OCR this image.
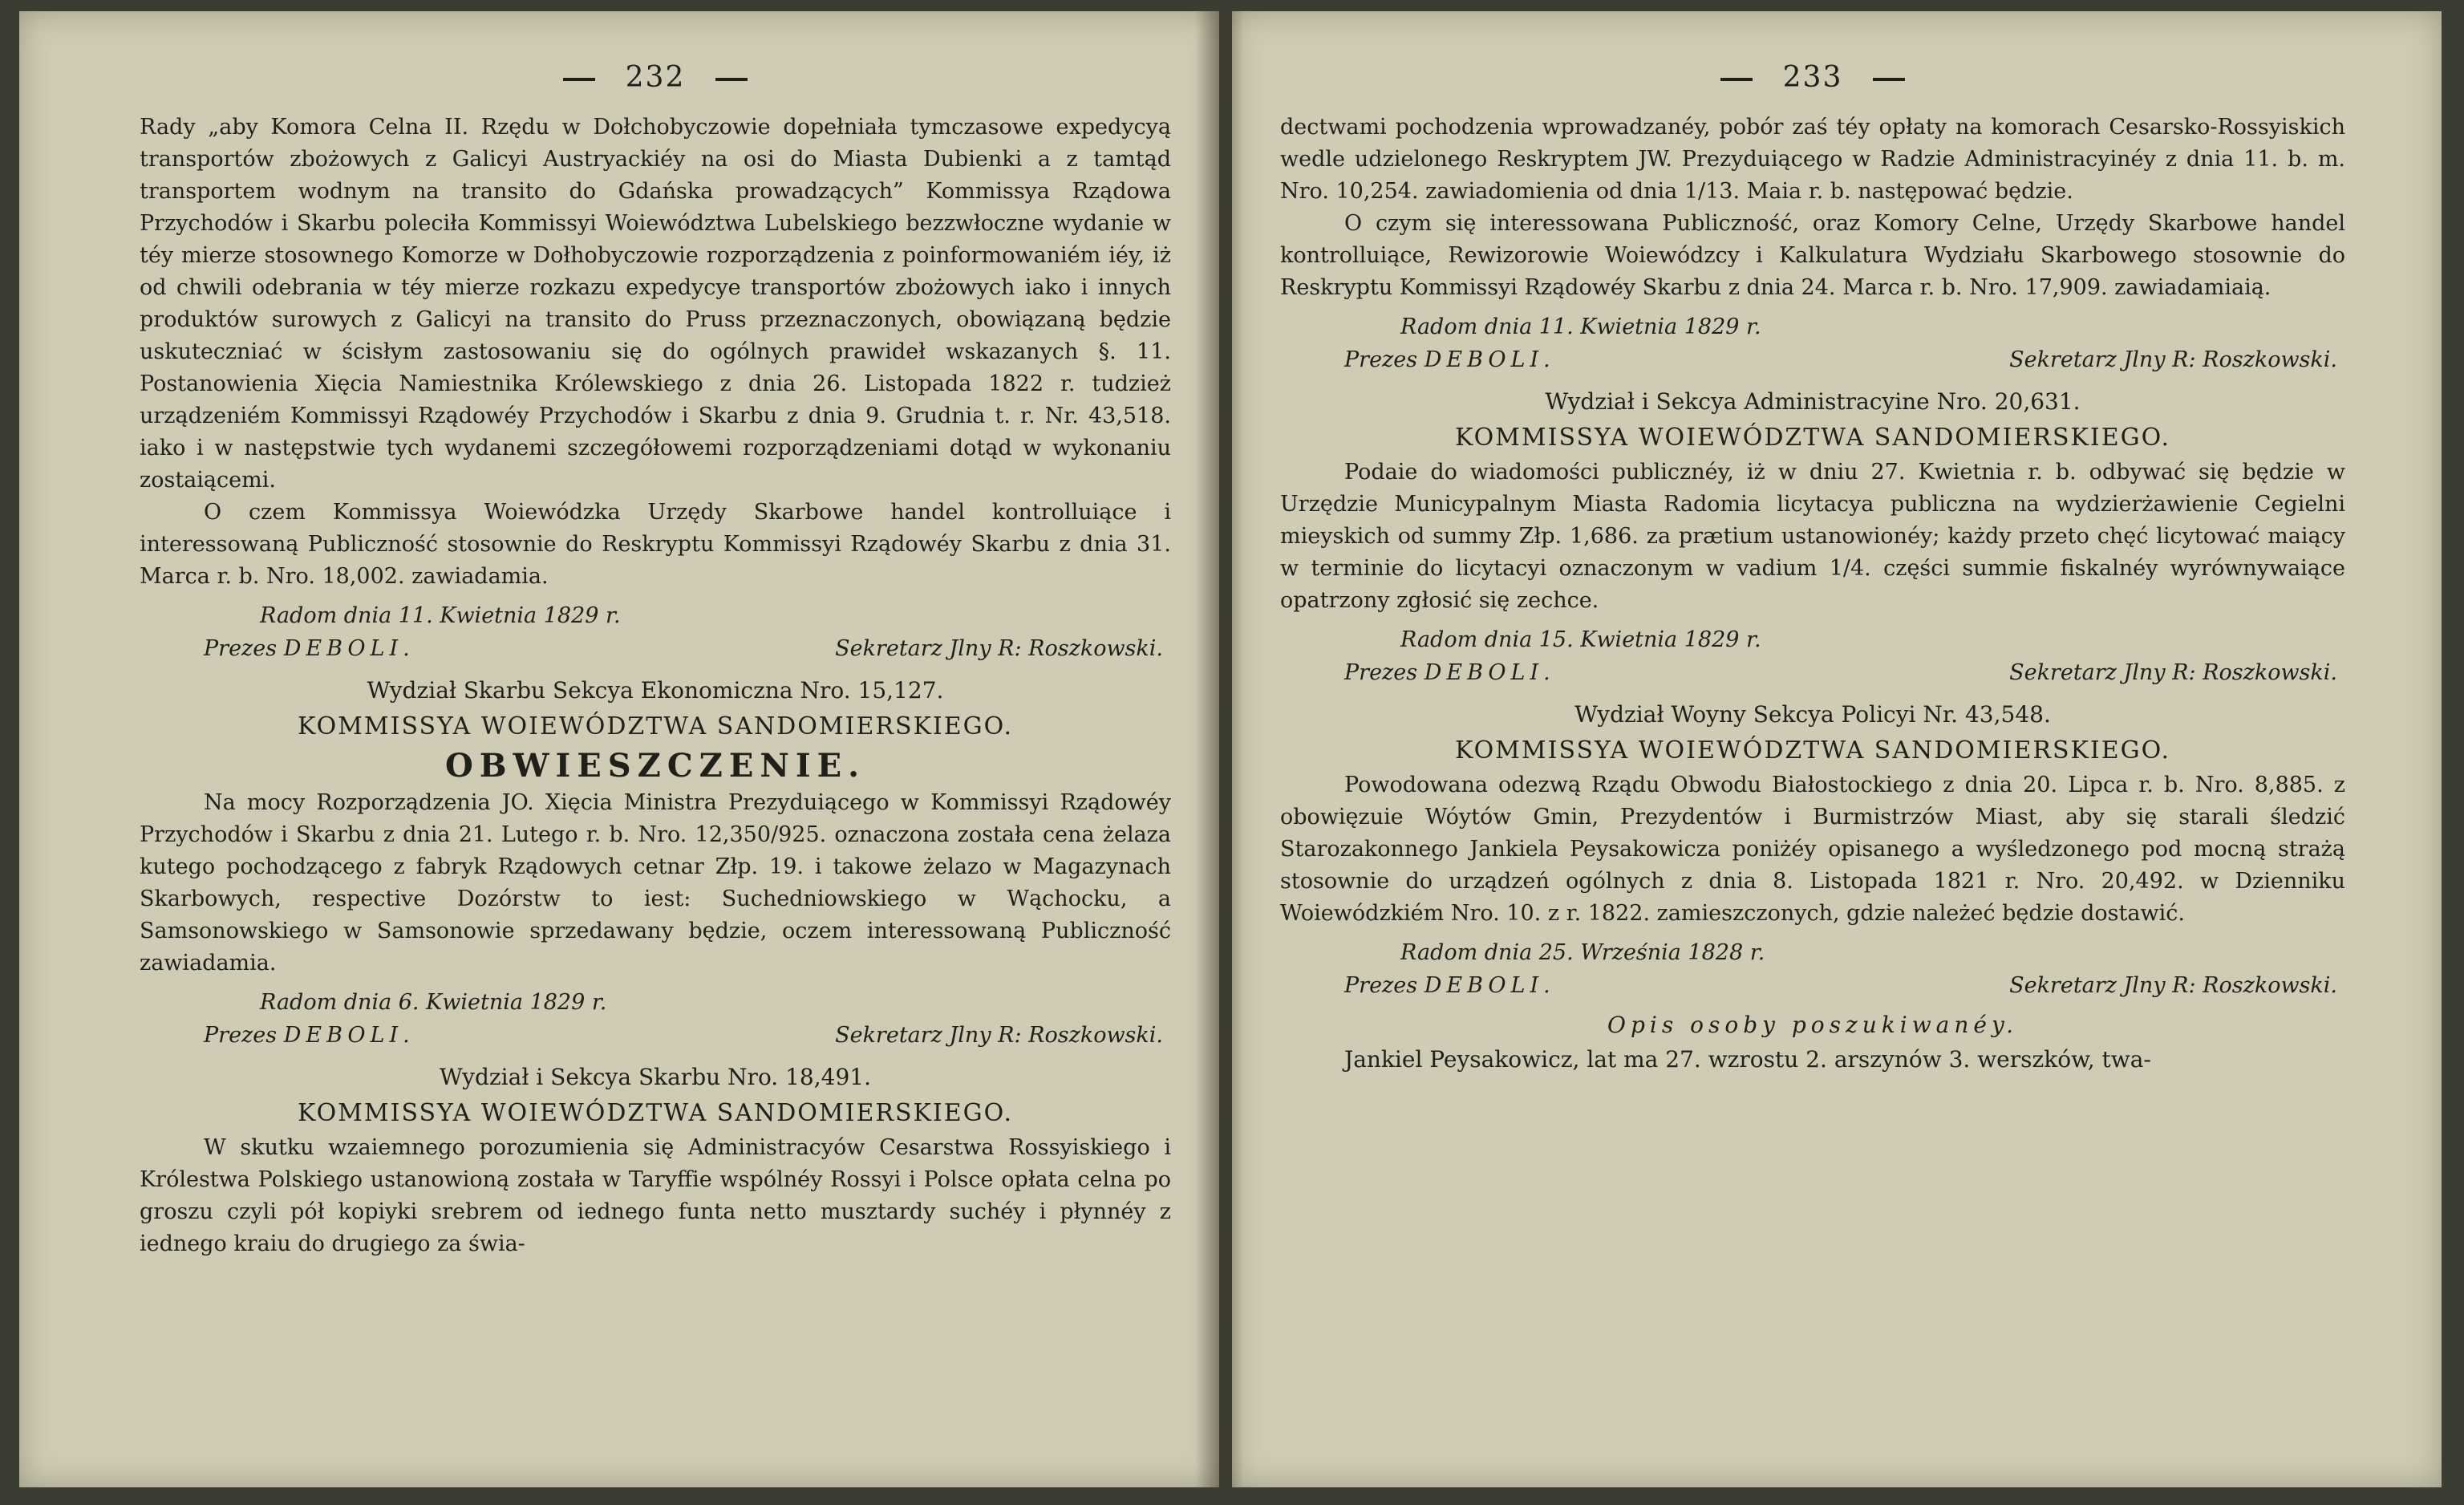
232

Rady „aby Komora Celna II. Rzędu w Dołchobyczowie dopełniała tymczasowe expedycyą transportów zbożowych z Galicyi Austryackiéy na osi do Miasta Dubienki a z tamtąd transportem wodnym na transito do Gdańska prowadzących” Kommissya Rządowa Przychodów i Skarbu poleciła Kommissyi Woiewództwa Lubelskiego bezzwłoczne wydanie w téy mierze stosownego Komorze w Dołhobyczowie rozporządzenia z poinformowaniém iéy, iż od chwili odebrania w téy mierze rozkazu expedycye transportów zbożowych iako i innych produktów surowych z Galicyi na transito do Pruss przeznaczonych, obowiązaną będzie uskuteczniać w ścisłym zastosowaniu się do ogólnych prawideł wskazanych §. 11. Postanowienia Xięcia Namiestnika Królewskiego z dnia 26. Listopada 1822 r. tudzież urządzeniém Kommissyi Rządowéy Przychodów i Skarbu z dnia 9. Grudnia t. r. Nr. 43,518. iako i w następstwie tych wydanemi szczegółowemi rozporządzeniami dotąd w wykonaniu zostaiącemi.

O czem Kommissya Woiewódzka Urzędy Skarbowe handel kontrolluiące i interessowaną Publiczność stosownie do Reskryptu Kommissyi Rządowéy Skarbu z dnia 31. Marca r. b. Nro. 18,002. zawiadamia.

Radom dnia 11. Kwietnia 1829 r.
Prezes DEBOLI.	Sekretarz Jlny R: Roszkowski.
Wydział Skarbu Sekcya Ekonomiczna Nro. 15,127.
KOMMISSYA WOIEWÓDZTWA SANDOMIERSKIEGO.
OBWIESZCZENIE.

Na mocy Rozporządzenia JO. Xięcia Ministra Prezyduiącego w Kommissyi Rządowéy Przychodów i Skarbu z dnia 21. Lutego r. b. Nro. 12,350/925. oznaczona została cena żelaza kutego pochodzącego z fabryk Rządowych cetnar Złp. 19. i takowe żelazo w Magazynach Skarbowych, respective Dozórstw to iest: Suchedniowskiego w Wąchocku, a Samsonowskiego w Samsonowie sprzedawany będzie, oczem interessowaną Publiczność zawiadamia.

Radom dnia 6. Kwietnia 1829 r.
Prezes DEBOLI.	Sekretarz Jlny R: Roszkowski.
Wydział i Sekcya Skarbu Nro. 18,491.
KOMMISSYA WOIEWÓDZTWA SANDOMIERSKIEGO.

W skutku wzaiemnego porozumienia się Administracyów Cesarstwa Rossyiskiego i Królestwa Polskiego ustanowioną została w Taryffie wspólnéy Rossyi i Polsce opłata celna po groszu czyli pół kopiyki srebrem od iednego funta netto musztardy suchéy i płynnéy z iednego kraiu do drugiego za świa-

233

dectwami pochodzenia wprowadzanéy, pobór zaś téy opłaty na komorach Cesarsko-Rossyiskich wedle udzielonego Reskryptem JW. Prezyduiącego w Radzie Administracyinéy z dnia 11. b. m. Nro. 10,254. zawiadomienia od dnia 1/13. Maia r. b. następować będzie.

O czym się interessowana Publiczność, oraz Komory Celne, Urzędy Skarbowe handel kontrolluiące, Rewizorowie Woiewódzcy i Kalkulatura Wydziału Skarbowego stosownie do Reskryptu Kommissyi Rządowéy Skarbu z dnia 24. Marca r. b. Nro. 17,909. zawiadamiaią.

Radom dnia 11. Kwietnia 1829 r.
Prezes DEBOLI.	Sekretarz Jlny R: Roszkowski.
Wydział i Sekcya Administracyine Nro. 20,631.
KOMMISSYA WOIEWÓDZTWA SANDOMIERSKIEGO.

Podaie do wiadomości publicznéy, iż w dniu 27. Kwietnia r. b. odbywać się będzie w Urzędzie Municypalnym Miasta Radomia licytacya publiczna na wydzierżawienie Cegielni mieyskich od summy Złp. 1,686. za prætium ustanowionéy; każdy przeto chęć licytować maiący w terminie do licytacyi oznaczonym w vadium 1/4. części summie fiskalnéy wyrównywaiące opatrzony zgłosić się zechce.

Radom dnia 15. Kwietnia 1829 r.
Prezes DEBOLI.	Sekretarz Jlny R: Roszkowski.
Wydział Woyny Sekcya Policyi Nr. 43,548.
KOMMISSYA WOIEWÓDZTWA SANDOMIERSKIEGO.

Powodowana odezwą Rządu Obwodu Białostockiego z dnia 20. Lipca r. b. Nro. 8,885. z obowięzuie Wóytów Gmin, Prezydentów i Burmistrzów Miast, aby się starali śledzić Starozakonnego Jankiela Peysakowicza poniżéy opisanego a wyśledzonego pod mocną strażą stosownie do urządzeń ogólnych z dnia 8. Listopada 1821 r. Nro. 20,492. w Dzienniku Woiewódzkiém Nro. 10. z r. 1822. zamieszczonych, gdzie należeć będzie dostawić.

Radom dnia 25. Września 1828 r.
Prezes DEBOLI.	Sekretarz Jlny R: Roszkowski.
Opis osoby poszukiwanéy.

Jankiel Peysakowicz, lat ma 27. wzrostu 2. arszynów 3. werszków, twa-
